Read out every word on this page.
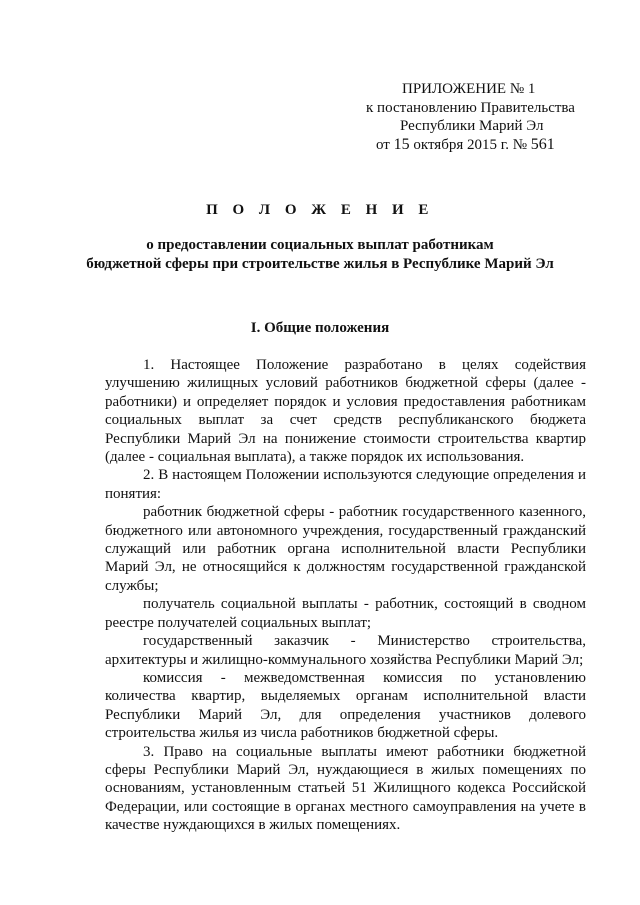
ПРИЛОЖЕНИЕ № 1
к постановлению Правительства
Республики Марий Эл
от 15 октября 2015 г. № 561
П О Л О Ж Е Н И Е
о предоставлении социальных выплат работникам
бюджетной сферы при строительстве жилья в Республике Марий Эл
I. Общие положения

1. Настоящее Положение разработано в целях содействия улучшению жилищных условий работников бюджетной сферы (далее - работники) и определяет порядок и условия предоставления работникам социальных выплат за счет средств республиканского бюджета Республики Марий Эл на понижение стоимости строительства квартир (далее - социальная выплата), а также порядок их использования.

2. В настоящем Положении используются следующие определения и понятия:

работник бюджетной сферы - работник государственного казенного, бюджетного или автономного учреждения, государственный гражданский служащий или работник органа исполнительной власти Республики Марий Эл, не относящийся к должностям государственной гражданской службы;

получатель социальной выплаты - работник, состоящий в сводном реестре получателей социальных выплат;

государственный заказчик - Министерство строительства, архитектуры и жилищно-коммунального хозяйства Республики Марий Эл;

комиссия - межведомственная комиссия по установлению количества квартир, выделяемых органам исполнительной власти Республики Марий Эл, для определения участников долевого строительства жилья из числа работников бюджетной сферы.

3. Право на социальные выплаты имеют работники бюджетной сферы Республики Марий Эл, нуждающиеся в жилых помещениях по основаниям, установленным статьей 51 Жилищного кодекса Российской Федерации, или состоящие в органах местного самоуправления на учете в качестве нуждающихся в жилых помещениях.
